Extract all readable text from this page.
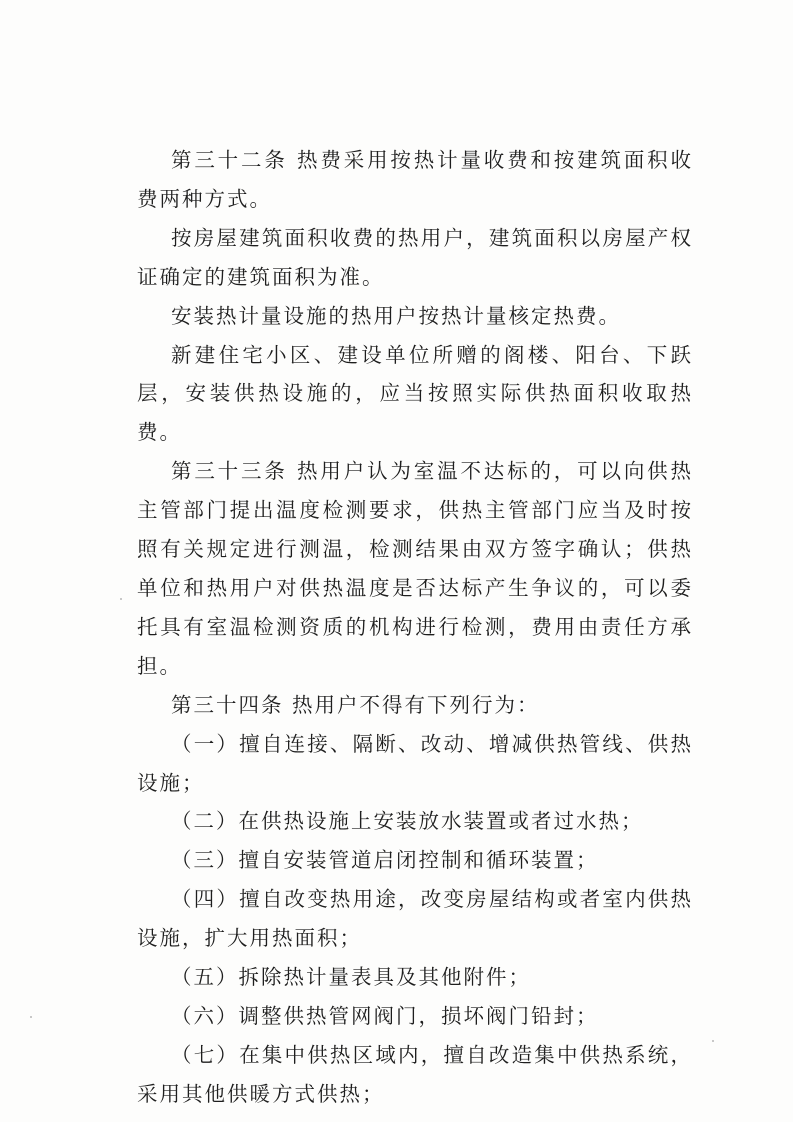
第三十二条 热费采用按热计量收费和按建筑面积收费两种方式。

按房屋建筑面积收费的热用户，建筑面积以房屋产权证确定的建筑面积为准。

安装热计量设施的热用户按热计量核定热费。

新建住宅小区、建设单位所赠的阁楼、阳台、下跃层，安装供热设施的，应当按照实际供热面积收取热费。

第三十三条 热用户认为室温不达标的，可以向供热主管部门提出温度检测要求，供热主管部门应当及时按照有关规定进行测温，检测结果由双方签字确认；供热单位和热用户对供热温度是否达标产生争议的，可以委托具有室温检测资质的机构进行检测，费用由责任方承担。

第三十四条 热用户不得有下列行为：

（一）擅自连接、隔断、改动、增减供热管线、供热设施；

（二）在供热设施上安装放水装置或者过水热；

（三）擅自安装管道启闭控制和循环装置；

（四）擅自改变热用途，改变房屋结构或者室内供热设施，扩大用热面积；

（五）拆除热计量表具及其他附件；

（六）调整供热管网阀门，损坏阀门铅封；

（七）在集中供热区域内，擅自改造集中供热系统，采用其他供暖方式供热；
